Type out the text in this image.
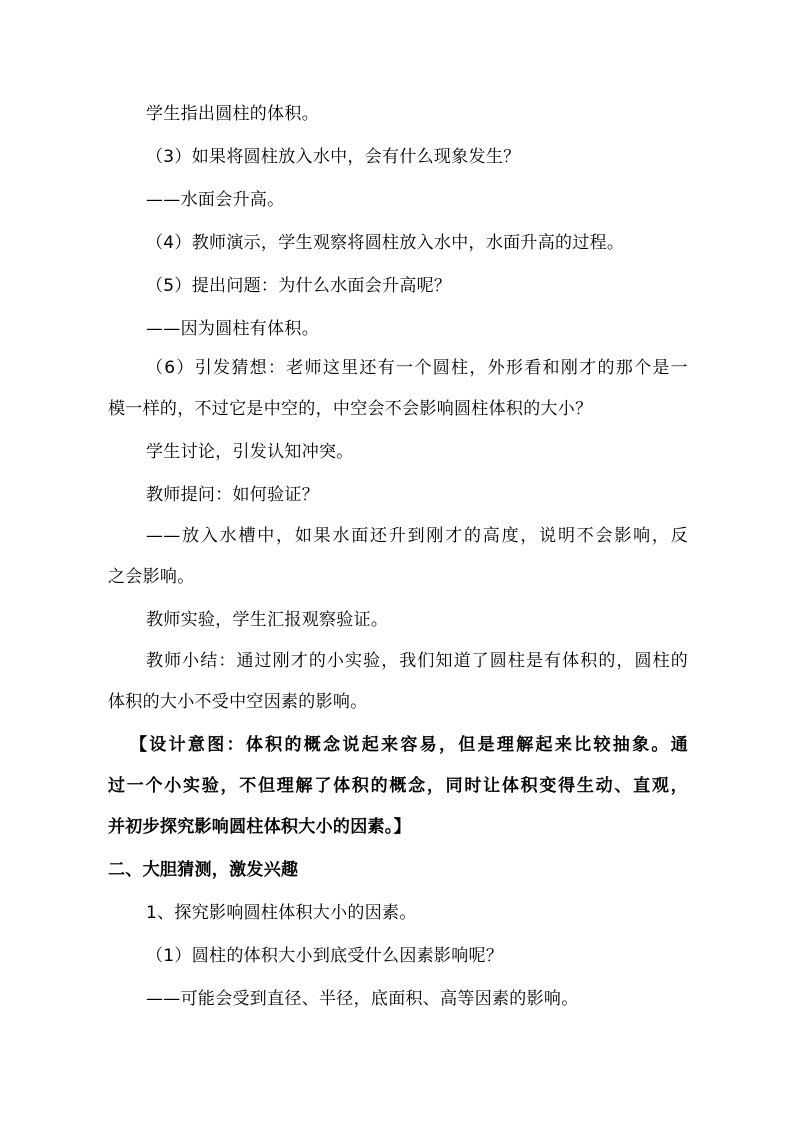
学生指出圆柱的体积。
（3）如果将圆柱放入水中，会有什么现象发生？
——水面会升高。
（4）教师演示，学生观察将圆柱放入水中，水面升高的过程。
（5）提出问题：为什么水面会升高呢？
——因为圆柱有体积。
（6）引发猜想：老师这里还有一个圆柱，外形看和刚才的那个是一
模一样的，不过它是中空的，中空会不会影响圆柱体积的大小？
学生讨论，引发认知冲突。
教师提问：如何验证？
——放入水槽中，如果水面还升到刚才的高度，说明不会影响，反
之会影响。
教师实验，学生汇报观察验证。
教师小结：通过刚才的小实验，我们知道了圆柱是有体积的，圆柱的
体积的大小不受中空因素的影响。
【设计意图：体积的概念说起来容易，但是理解起来比较抽象。通
过一个小实验，不但理解了体积的概念，同时让体积变得生动、直观，
并初步探究影响圆柱体积大小的因素。】
二、大胆猜测，激发兴趣
1、探究影响圆柱体积大小的因素。
（1）圆柱的体积大小到底受什么因素影响呢？
——可能会受到直径、半径，底面积、高等因素的影响。
